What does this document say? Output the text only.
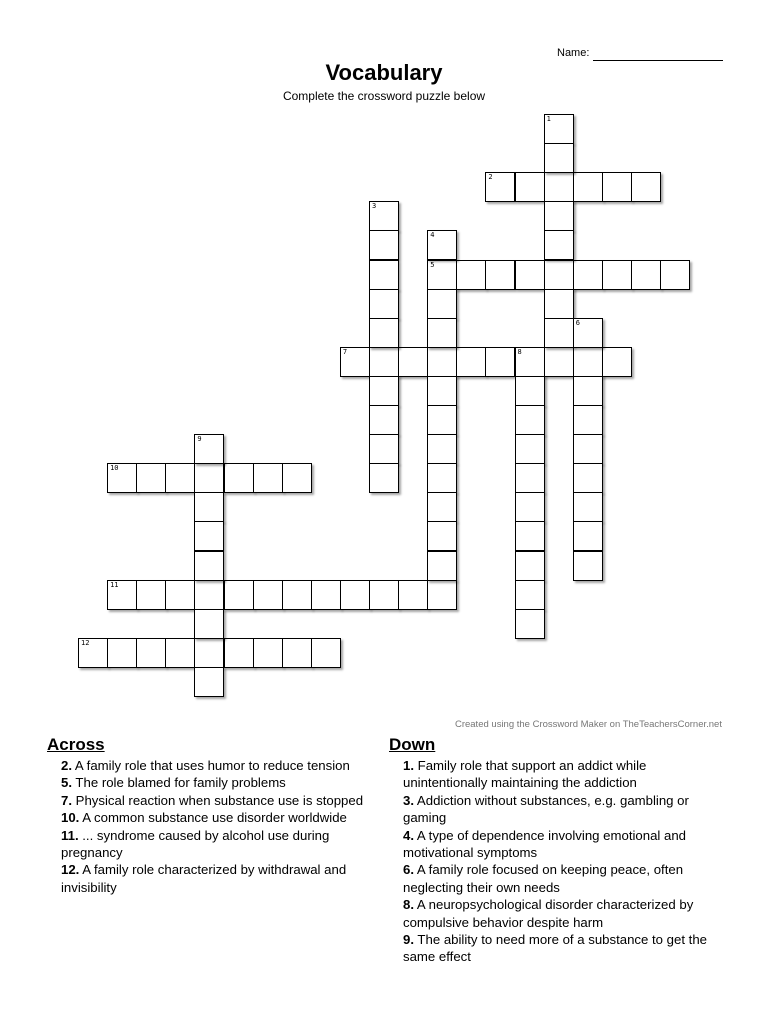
Name:
Vocabulary
Complete the crossword puzzle below
2
5
7	8
10
11
12
1
3
4
6
9
Created using the Crossword Maker on TheTeachersCorner.net
Across
2. A family role that uses humor to reduce tension
5. The role blamed for family problems
7. Physical reaction when substance use is stopped
10. A common substance use disorder worldwide
11. ... syndrome caused by alcohol use during pregnancy
12. A family role characterized by withdrawal and invisibility
Down
1. Family role that support an addict while unintentionally maintaining the addiction
3. Addiction without substances, e.g. gambling or gaming
4. A type of dependence involving emotional and motivational symptoms
6. A family role focused on keeping peace, often neglecting their own needs
8. A neuropsychological disorder characterized by compulsive behavior despite harm
9. The ability to need more of a substance to get the same effect
